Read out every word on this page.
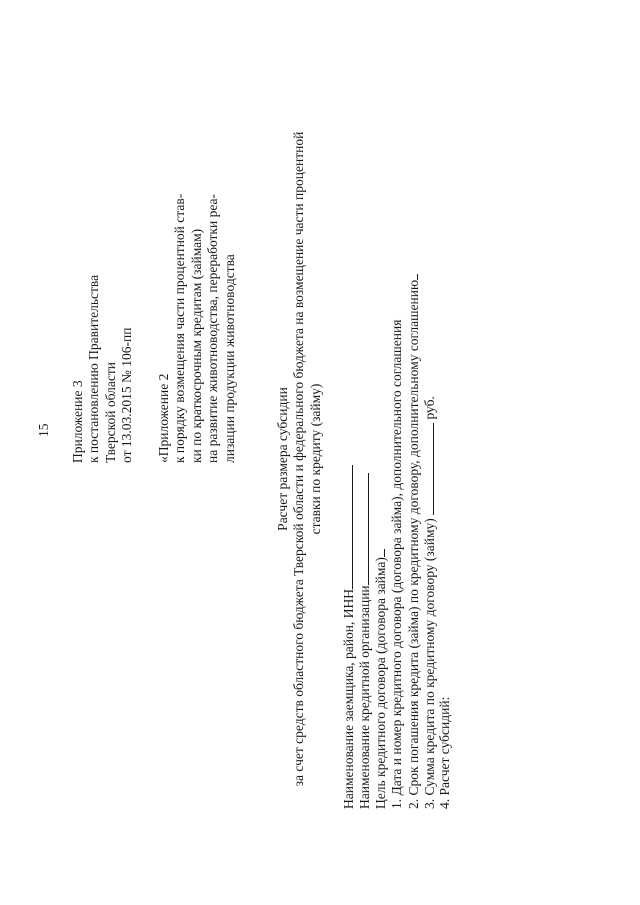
15 Приложение 3 к постановлению Правительства Тверской области от 13.03.2015 № 106-пп «Приложение 2 к порядку возмещения части процентной став- ки по краткосрочным кредитам (займам) на развитие животноводства, переработки реа- лизации продукции животноводства	Расчет размера субсидии за счет средств областного бюджета Тверской области и федерального бюджета на возмещение части процентной ставки по кредиту (займу)
Наименование заемщика, район, ИНН Наименование кредитной организации Цель кредитного договора (договора займа) 1. Дата и номер кредитного договора (договора займа), дополнительного соглашения 2. Срок погашения кредита (займа) по кредитному договору, дополнительному соглашению 3. Сумма кредита по кредитному договору (займу)  руб.
4. Расчет субсидий:
